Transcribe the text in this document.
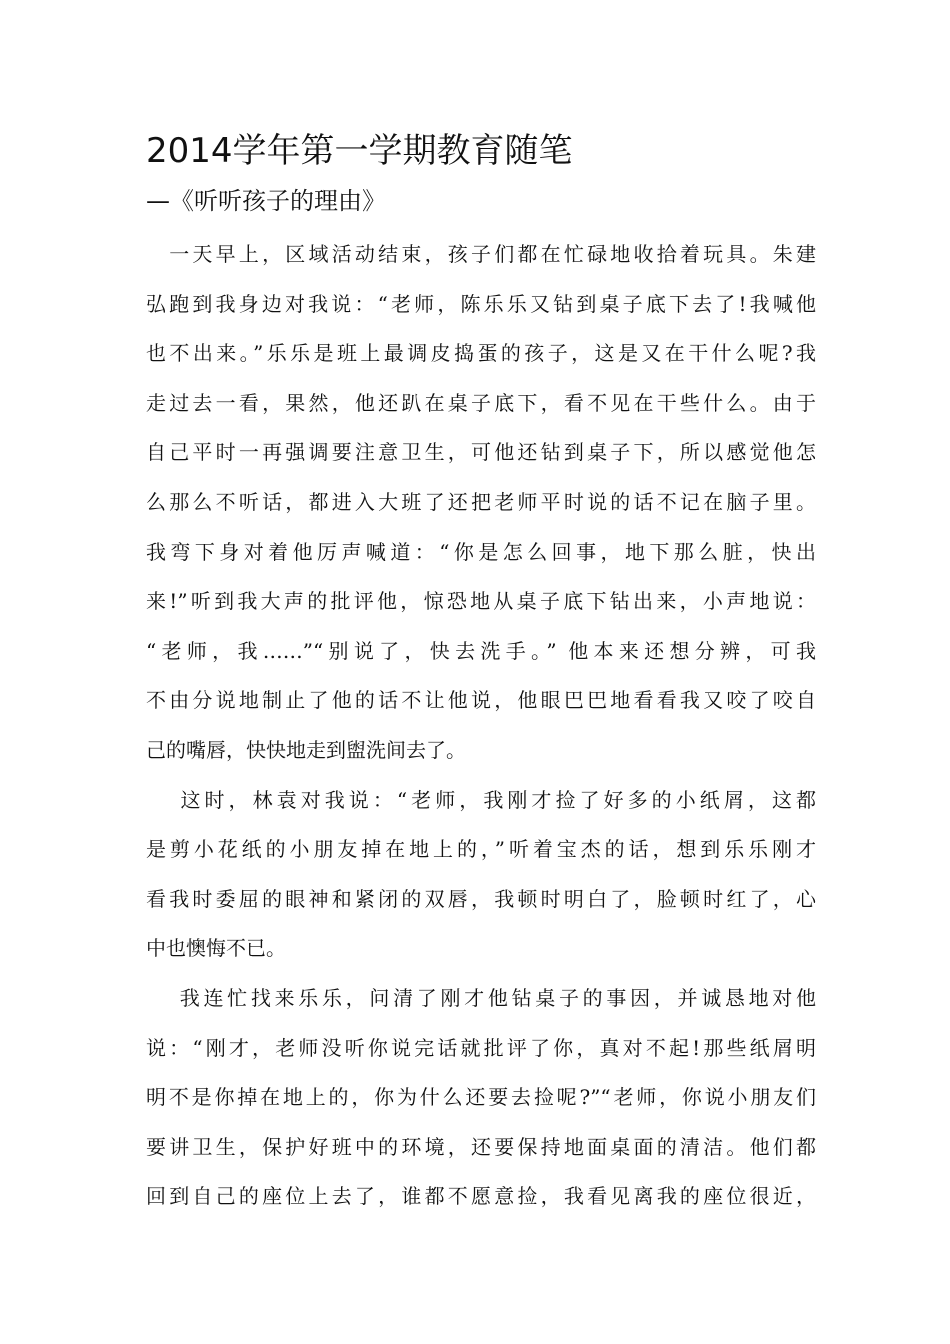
2014学年第一学期教育随笔
—《听听孩子的理由》
　一天早上，区域活动结束，孩子们都在忙碌地收拾着玩具。朱建
弘跑到我身边对我说：“老师，陈乐乐又钻到桌子底下去了!我喊他
也不出来。”乐乐是班上最调皮捣蛋的孩子，这是又在干什么呢?我
走过去一看，果然，他还趴在桌子底下，看不见在干些什么。由于
自己平时一再强调要注意卫生，可他还钻到桌子下，所以感觉他怎
么那么不听话，都进入大班了还把老师平时说的话不记在脑子里。
我弯下身对着他厉声喊道：“你是怎么回事，地下那么脏，快出
来!”听到我大声的批评他，惊恐地从桌子底下钻出来，小声地说：
“老师，我……”“别说了，快去洗手。” 他本来还想分辨，可我
不由分说地制止了他的话不让他说，他眼巴巴地看看我又咬了咬自
己的嘴唇，快快地走到盥洗间去了。
　 这时，林袁对我说：“老师，我刚才捡了好多的小纸屑，这都
是剪小花纸的小朋友掉在地上的，”听着宝杰的话，想到乐乐刚才
看我时委屈的眼神和紧闭的双唇，我顿时明白了，脸顿时红了，心
中也懊悔不已。
　 我连忙找来乐乐，问清了刚才他钻桌子的事因，并诚恳地对他
说：“刚才，老师没听你说完话就批评了你，真对不起!那些纸屑明
明不是你掉在地上的，你为什么还要去捡呢?”“老师，你说小朋友们
要讲卫生，保护好班中的环境，还要保持地面桌面的清洁。他们都
回到自己的座位上去了，谁都不愿意捡，我看见离我的座位很近，
